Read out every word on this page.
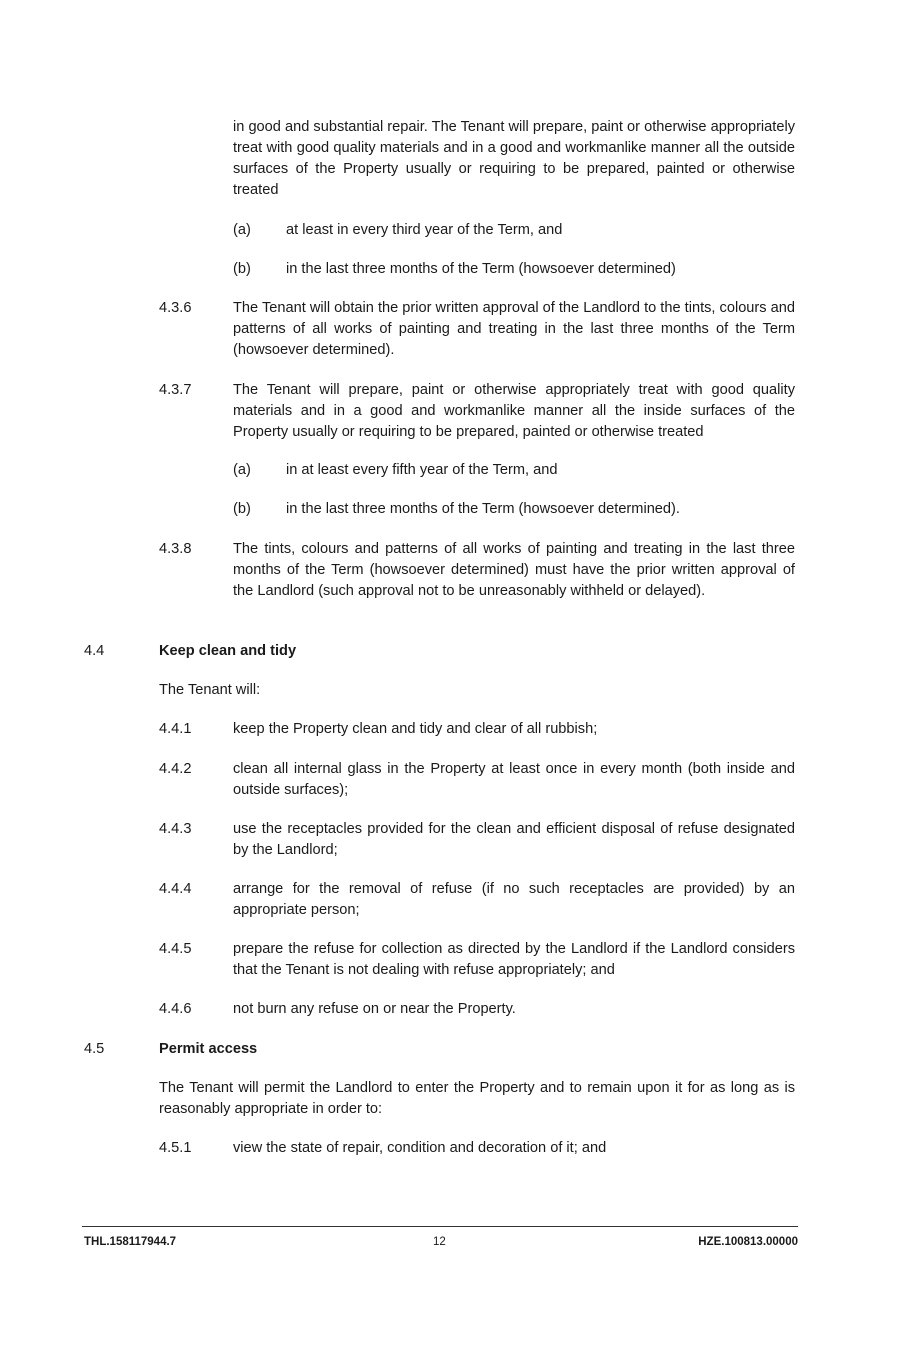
in good and substantial repair. The Tenant will prepare, paint or otherwise appropriately treat with good quality materials and in a good and workmanlike manner all the outside surfaces of the Property usually or requiring to be prepared, painted or otherwise treated
(a) at least in every third year of the Term, and
(b) in the last three months of the Term (howsoever determined)
4.3.6	The Tenant will obtain the prior written approval of the Landlord to the tints, colours and patterns of all works of painting and treating in the last three months of the Term (howsoever determined).
4.3.7	The Tenant will prepare, paint or otherwise appropriately treat with good quality materials and in a good and workmanlike manner all the inside surfaces of the Property usually or requiring to be prepared, painted or otherwise treated
(a) in at least every fifth year of the Term, and
(b) in the last three months of the Term (howsoever determined).
4.3.8	The tints, colours and patterns of all works of painting and treating in the last three months of the Term (howsoever determined) must have the prior written approval of the Landlord (such approval not to be unreasonably withheld or delayed).
4.4	Keep clean and tidy
The Tenant will:
4.4.1	keep the Property clean and tidy and clear of all rubbish;
4.4.2	clean all internal glass in the Property at least once in every month (both inside and outside surfaces);
4.4.3	use the receptacles provided for the clean and efficient disposal of refuse designated by the Landlord;
4.4.4	arrange for the removal of refuse (if no such receptacles are provided) by an appropriate person;
4.4.5	prepare the refuse for collection as directed by the Landlord if the Landlord considers that the Tenant is not dealing with refuse appropriately; and
4.4.6	not burn any refuse on or near the Property.
4.5	Permit access
The Tenant will permit the Landlord to enter the Property and to remain upon it for as long as is reasonably appropriate in order to:
4.5.1	view the state of repair, condition and decoration of it; and
THL.158117944.7	12	HZE.100813.00000
